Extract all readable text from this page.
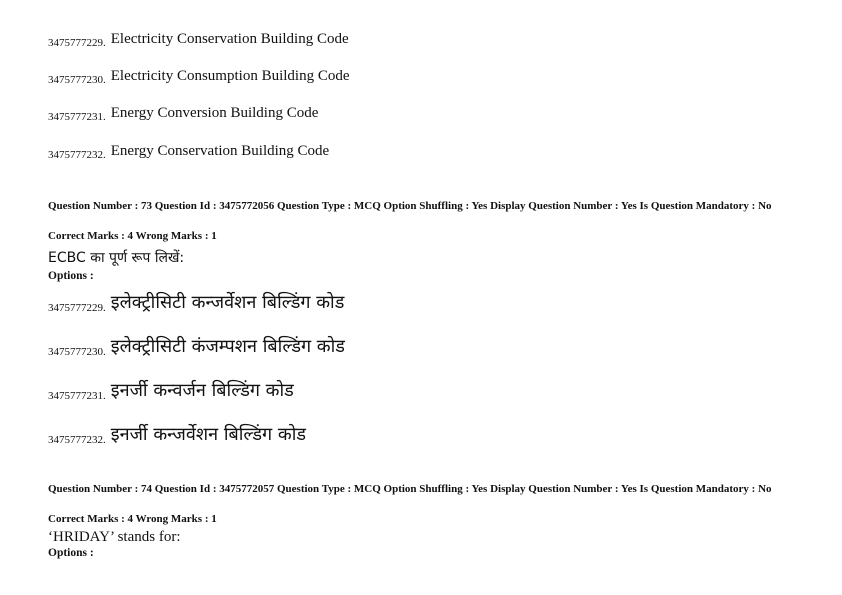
3475777229. Electricity Conservation Building Code
3475777230. Electricity Consumption Building Code
3475777231. Energy Conversion Building Code
3475777232. Energy Conservation Building Code
Question Number : 73 Question Id : 3475772056 Question Type : MCQ Option Shuffling : Yes Display Question Number : Yes Is Question Mandatory : No
Correct Marks : 4 Wrong Marks : 1
ECBC का पूर्ण रूप लिखें:
Options :
3475777229. इलेक्ट्रीसिटी कन्जर्वेशन बिल्डिंग कोड
3475777230. इलेक्ट्रीसिटी कंजम्पशन बिल्डिंग कोड
3475777231. इनर्जी कन्वर्जन बिल्डिंग कोड
3475777232. इनर्जी कन्जर्वेशन बिल्डिंग कोड
Question Number : 74 Question Id : 3475772057 Question Type : MCQ Option Shuffling : Yes Display Question Number : Yes Is Question Mandatory : No
Correct Marks : 4 Wrong Marks : 1
‘HRIDAY’ stands for:
Options :
